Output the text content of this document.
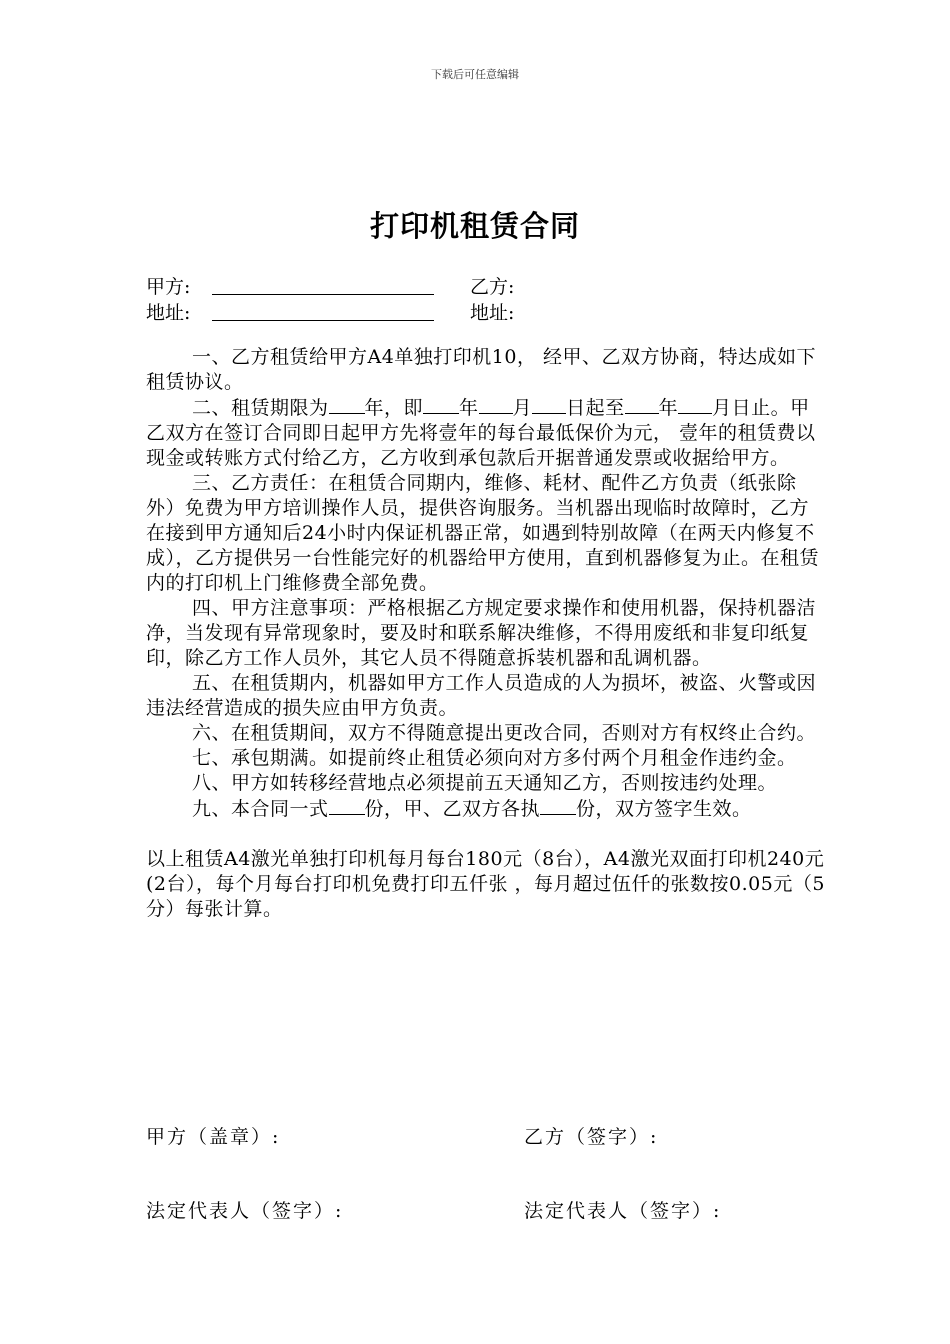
下载后可任意编辑
打印机租赁合同
甲方:	乙方:
地址:	地址:

一、乙方租赁给甲方A4单独打印机10， 经甲、乙双方协商，特达成如下租赁协议。

二、租赁期限为 年，即 年 月 日起至 年 月日止。甲乙双方在签订合同即日起甲方先将壹年的每台最低保价为元， 壹年的租赁费以现金或转账方式付给乙方，乙方收到承包款后开据普通发票或收据给甲方。

三、乙方责任：在租赁合同期内，维修、耗材、配件乙方负责（纸张除外）免费为甲方培训操作人员，提供咨询服务。当机器出现临时故障时，乙方在接到甲方通知后24小时内保证机器正常，如遇到特别故障（在两天内修复不成），乙方提供另一台性能完好的机器给甲方使用，直到机器修复为止。在租赁内的打印机上门维修费全部免费。

四、甲方注意事项：严格根据乙方规定要求操作和使用机器，保持机器洁净，当发现有异常现象时，要及时和联系解决维修，不得用废纸和非复印纸复印，除乙方工作人员外，其它人员不得随意拆装机器和乱调机器。

五、在租赁期内，机器如甲方工作人员造成的人为损坏，被盗、火警或因违法经营造成的损失应由甲方负责。

六、在租赁期间，双方不得随意提出更改合同，否则对方有权终止合约。

七、承包期满。如提前终止租赁必须向对方多付两个月租金作违约金。

八、甲方如转移经营地点必须提前五天通知乙方，否则按违约处理。

九、本合同一式 份，甲、乙双方各执 份，双方签字生效。

以上租赁A4激光单独打印机每月每台180元（8台），A4激光双面打印机240元(2台），每个月每台打印机免费打印五仟张 ，每月超过伍仟的张数按0.05元（5分）每张计算。

甲方（盖章）:	乙方（签字）:
法定代表人（签字）:	法定代表人（签字）:
